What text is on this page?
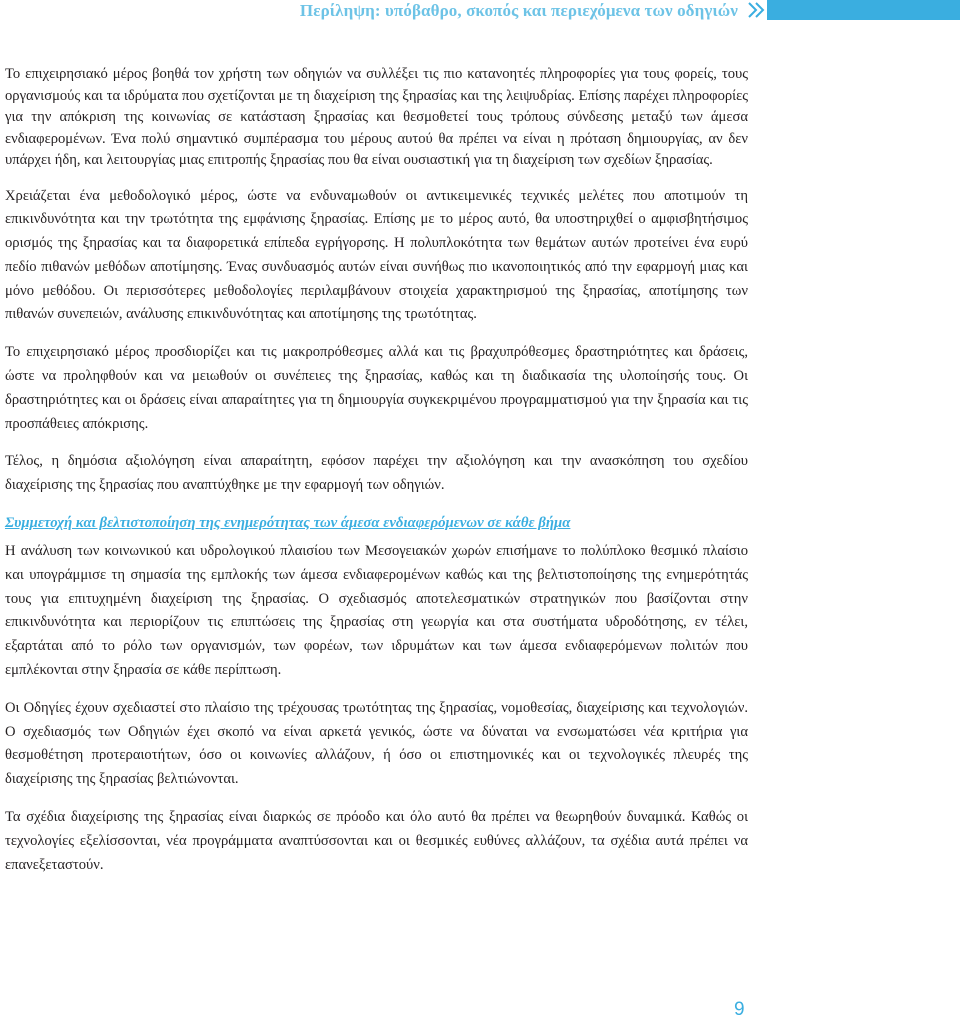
Περίληψη: υπόβαθρο, σκοπός και περιεχόμενα των οδηγιών

Το επιχειρησιακό μέρος βοηθά τον χρήστη των οδηγιών να συλλέξει τις πιο κατανοητές πληροφορίες για τους φορείς, τους οργανισμούς και τα ιδρύματα που σχετίζονται με τη διαχείριση της ξηρασίας και της λειψυδρίας. Επίσης παρέχει πληροφορίες για την απόκριση της κοινωνίας σε κατάσταση ξηρασίας και θεσμοθετεί τους τρόπους σύνδεσης μεταξύ των άμεσα ενδιαφερομένων. Ένα πολύ σημαντικό συμπέρασμα του μέρους αυτού θα πρέπει να είναι η πρόταση δημιουργίας, αν δεν υπάρχει ήδη, και λειτουργίας μιας επιτροπής ξηρασίας που θα είναι ουσιαστική για τη διαχείριση των σχεδίων ξηρασίας.

Χρειάζεται ένα μεθοδολογικό μέρος, ώστε να ενδυναμωθούν οι αντικειμενικές τεχνικές μελέτες που αποτιμούν τη επικινδυνότητα και την τρωτότητα της εμφάνισης ξηρασίας. Επίσης με το μέρος αυτό, θα υποστηριχθεί ο αμφισβητήσιμος ορισμός της ξηρασίας και τα διαφορετικά επίπεδα εγρήγορσης. Η πολυπλοκότητα των θεμάτων αυτών προτείνει ένα ευρύ πεδίο πιθανών μεθόδων αποτίμησης. Ένας συνδυασμός αυτών είναι συνήθως πιο ικανοποιητικός από την εφαρμογή μιας και μόνο μεθόδου. Οι περισσότερες μεθοδολογίες περιλαμβάνουν στοιχεία χαρακτηρισμού της ξηρασίας, αποτίμησης των πιθανών συνεπειών, ανάλυσης επικινδυνότητας και αποτίμησης της τρωτότητας.

Το επιχειρησιακό μέρος προσδιορίζει και τις μακροπρόθεσμες αλλά και τις βραχυπρόθεσμες δραστηριότητες και δράσεις, ώστε να προληφθούν και να μειωθούν οι συνέπειες της ξηρασίας, καθώς και τη διαδικασία της υλοποίησής τους. Οι δραστηριότητες και οι δράσεις είναι απαραίτητες για τη δημιουργία συγκεκριμένου προγραμματισμού για την ξηρασία και τις προσπάθειες απόκρισης.

Τέλος, η δημόσια αξιολόγηση είναι απαραίτητη, εφόσον παρέχει την αξιολόγηση και την ανασκόπηση του σχεδίου διαχείρισης της ξηρασίας που αναπτύχθηκε με την εφαρμογή των οδηγιών.

Συμμετοχή και βελτιστοποίηση της ενημερότητας των άμεσα ενδιαφερόμενων σε κάθε βήμα

Η ανάλυση των κοινωνικού και υδρολογικού πλαισίου των Μεσογειακών χωρών επισήμανε το πολύπλοκο θεσμικό πλαίσιο και υπογράμμισε τη σημασία της εμπλοκής των άμεσα ενδιαφερομένων καθώς και της βελτιστοποίησης της ενημερότητάς τους για επιτυχημένη διαχείριση της ξηρασίας. Ο σχεδιασμός αποτελεσματικών στρατηγικών που βασίζονται στην επικινδυνότητα και περιορίζουν τις επιπτώσεις της ξηρασίας στη γεωργία και στα συστήματα υδροδότησης, εν τέλει, εξαρτάται από το ρόλο των οργανισμών, των φορέων, των ιδρυμάτων και των άμεσα ενδιαφερόμενων πολιτών που εμπλέκονται στην ξηρασία σε κάθε περίπτωση.

Οι Οδηγίες έχουν σχεδιαστεί στο πλαίσιο της τρέχουσας τρωτότητας της ξηρασίας, νομοθεσίας, διαχείρισης και τεχνολογιών. Ο σχεδιασμός των Οδηγιών έχει σκοπό να είναι αρκετά γενικός, ώστε να δύναται να ενσωματώσει νέα κριτήρια για θεσμοθέτηση προτεραιοτήτων, όσο οι κοινωνίες αλλάζουν, ή όσο οι επιστημονικές και οι τεχνολογικές πλευρές της διαχείρισης της ξηρασίας βελτιώνονται.

Τα σχέδια διαχείρισης της ξηρασίας είναι διαρκώς σε πρόοδο και όλο αυτό θα πρέπει να θεωρηθούν δυναμικά. Καθώς οι τεχνολογίες εξελίσσονται, νέα προγράμματα αναπτύσσονται και οι θεσμικές ευθύνες αλλάζουν, τα σχέδια αυτά πρέπει να επανεξεταστούν.

9
